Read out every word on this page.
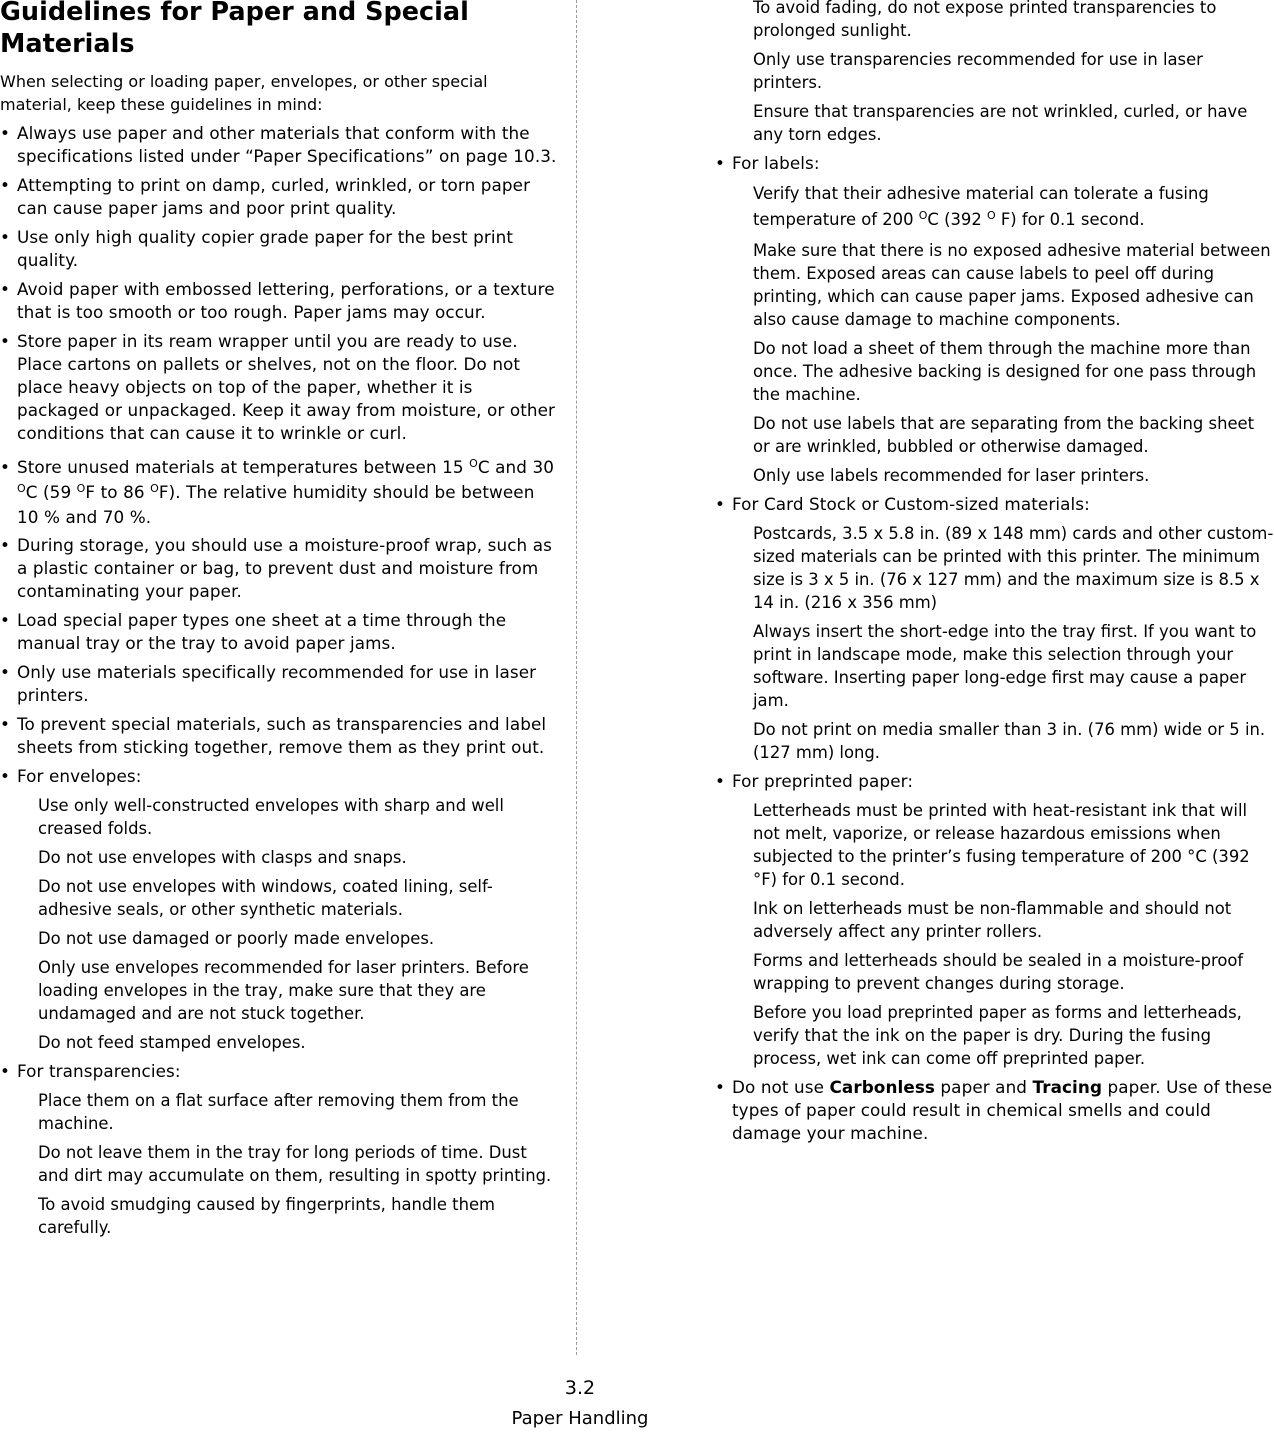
Guidelines for Paper and Special Materials

When selecting or loading paper, envelopes, or other special material, keep these guidelines in mind:

• Always use paper and other materials that conform with the specifications listed under “Paper Specifications” on page 10.3.

• Attempting to print on damp, curled, wrinkled, or torn paper can cause paper jams and poor print quality.

• Use only high quality copier grade paper for the best print quality.

• Avoid paper with embossed lettering, perforations, or a texture that is too smooth or too rough. Paper jams may occur.

• Store paper in its ream wrapper until you are ready to use. Place cartons on pallets or shelves, not on the floor. Do not place heavy objects on top of the paper, whether it is packaged or unpackaged. Keep it away from moisture, or other conditions that can cause it to wrinkle or curl.

• Store unused materials at temperatures between 15 $^O$C and 30 $^O$C (59 $^O$F to 86 $^O$F). The relative humidity should be between 10 % and 70 %.

• During storage, you should use a moisture-proof wrap, such as a plastic container or bag, to prevent dust and moisture from contaminating your paper.

• Load special paper types one sheet at a time through the manual tray or the tray to avoid paper jams.

• Only use materials specifically recommended for use in laser printers.

• To prevent special materials, such as transparencies and label sheets from sticking together, remove them as they print out.

• For envelopes:

Use only well-constructed envelopes with sharp and well creased folds.

Do not use envelopes with clasps and snaps.

Do not use envelopes with windows, coated lining, self-adhesive seals, or other synthetic materials.

Do not use damaged or poorly made envelopes.

Only use envelopes recommended for laser printers. Before loading envelopes in the tray, make sure that they are undamaged and are not stuck together.

Do not feed stamped envelopes.

• For transparencies:

Place them on a flat surface after removing them from the machine.

Do not leave them in the tray for long periods of time. Dust and dirt may accumulate on them, resulting in spotty printing.

To avoid smudging caused by fingerprints, handle them carefully.

To avoid fading, do not expose printed transparencies to prolonged sunlight.

Only use transparencies recommended for use in laser printers.

Ensure that transparencies are not wrinkled, curled, or have any torn edges.

• For labels:

Verify that their adhesive material can tolerate a fusing temperature of 200 $^O$C (392 $^O$ F) for 0.1 second.

Make sure that there is no exposed adhesive material between them. Exposed areas can cause labels to peel off during printing, which can cause paper jams. Exposed adhesive can also cause damage to machine components.

Do not load a sheet of them through the machine more than once. The adhesive backing is designed for one pass through the machine.

Do not use labels that are separating from the backing sheet or are wrinkled, bubbled or otherwise damaged.

Only use labels recommended for laser printers.

• For Card Stock or Custom-sized materials:

Postcards, 3.5 x 5.8 in. (89 x 148 mm) cards and other custom-sized materials can be printed with this printer. The minimum size is 3 x 5 in. (76 x 127 mm) and the maximum size is 8.5 x 14 in. (216 x 356 mm)

Always insert the short-edge into the tray first. If you want to print in landscape mode, make this selection through your software. Inserting paper long-edge first may cause a paper jam.

Do not print on media smaller than 3 in. (76 mm) wide or 5 in. (127 mm) long.

• For preprinted paper:

Letterheads must be printed with heat-resistant ink that will not melt, vaporize, or release hazardous emissions when subjected to the printer’s fusing temperature of 200 °C (392 °F) for 0.1 second.

Ink on letterheads must be non-flammable and should not adversely affect any printer rollers.

Forms and letterheads should be sealed in a moisture-proof wrapping to prevent changes during storage.

Before you load preprinted paper as forms and letterheads, verify that the ink on the paper is dry. During the fusing process, wet ink can come off preprinted paper.

• Do not use Carbonless paper and Tracing paper. Use of these types of paper could result in chemical smells and could damage your machine.

3.2
Paper Handling
